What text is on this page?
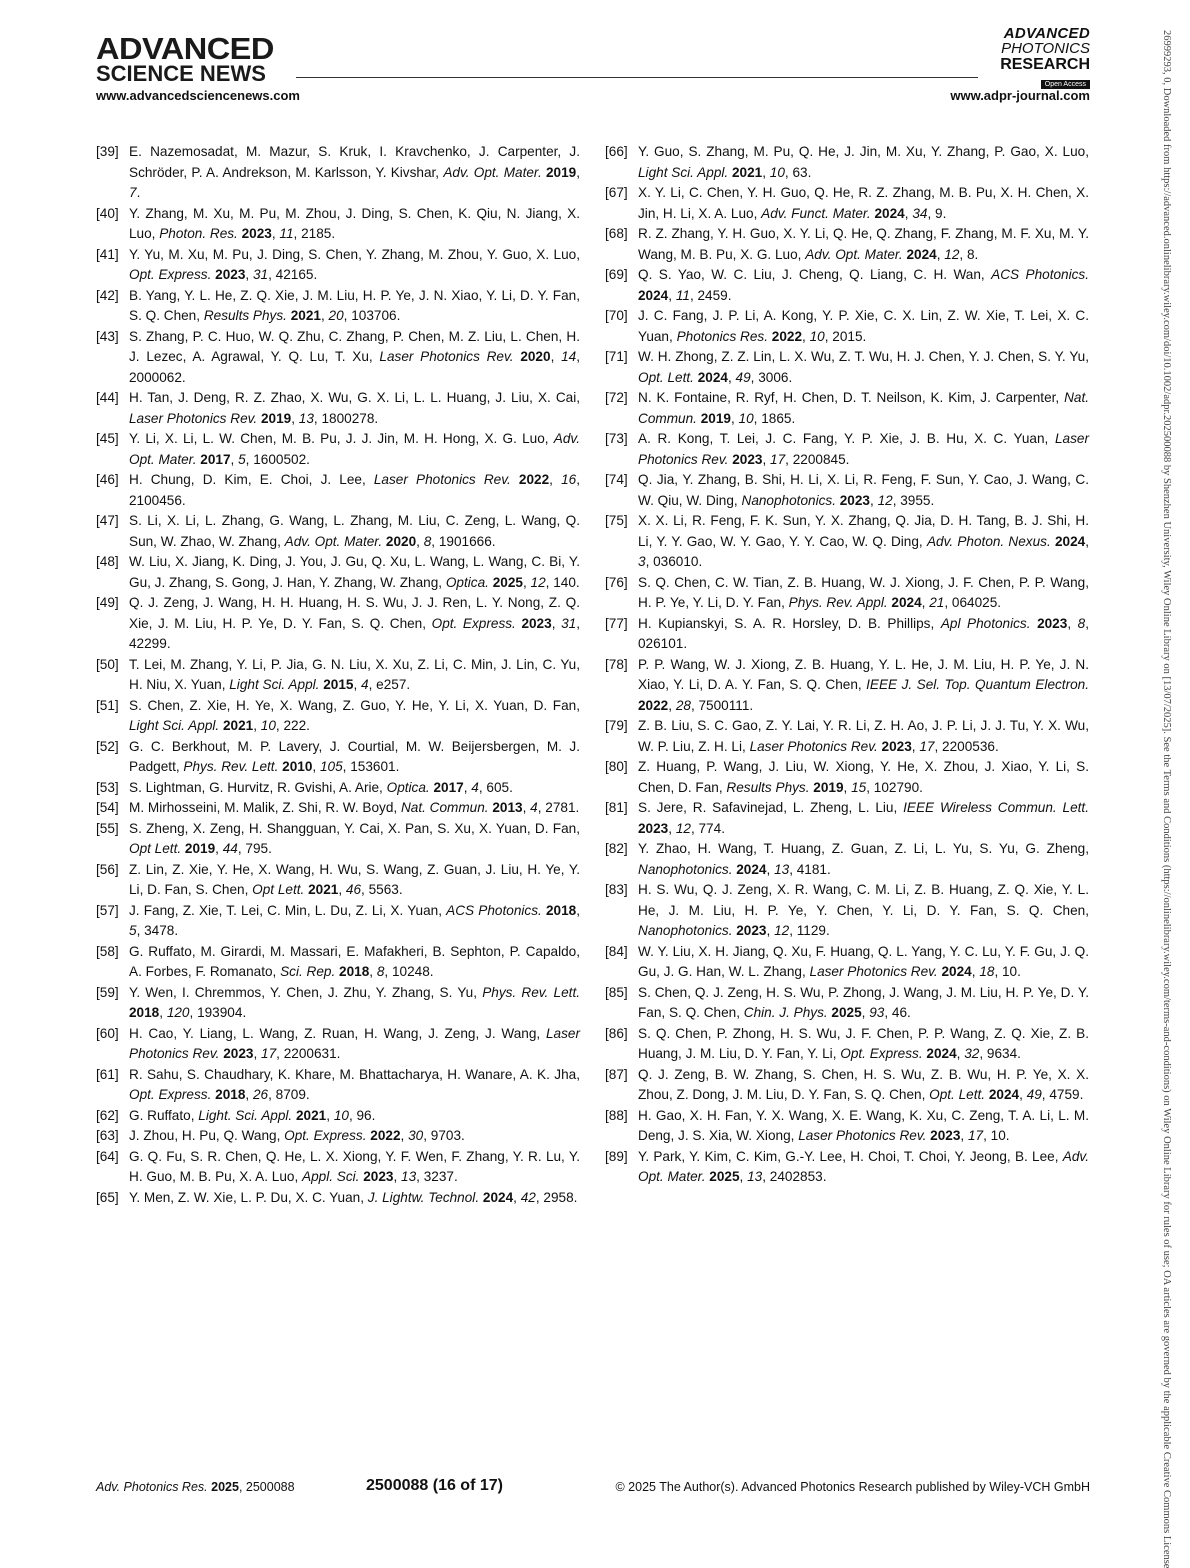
ADVANCED
SCIENCE NEWS
ADVANCED
PHOTONICS
RESEARCH
Open Access
www.advancedsciencenews.com	www.adpr-journal.com
[39] E. Nazemosadat, M. Mazur, S. Kruk, I. Kravchenko, J. Carpenter, J. Schröder, P. A. Andrekson, M. Karlsson, Y. Kivshar, Adv. Opt. Mater. 2019, 7.
[40] Y. Zhang, M. Xu, M. Pu, M. Zhou, J. Ding, S. Chen, K. Qiu, N. Jiang, X. Luo, Photon. Res. 2023, 11, 2185.
[41] Y. Yu, M. Xu, M. Pu, J. Ding, S. Chen, Y. Zhang, M. Zhou, Y. Guo, X. Luo, Opt. Express. 2023, 31, 42165.
[42] B. Yang, Y. L. He, Z. Q. Xie, J. M. Liu, H. P. Ye, J. N. Xiao, Y. Li, D. Y. Fan, S. Q. Chen, Results Phys. 2021, 20, 103706.
[43] S. Zhang, P. C. Huo, W. Q. Zhu, C. Zhang, P. Chen, M. Z. Liu, L. Chen, H. J. Lezec, A. Agrawal, Y. Q. Lu, T. Xu, Laser Photonics Rev. 2020, 14, 2000062.
[44] H. Tan, J. Deng, R. Z. Zhao, X. Wu, G. X. Li, L. L. Huang, J. Liu, X. Cai, Laser Photonics Rev. 2019, 13, 1800278.
[45] Y. Li, X. Li, L. W. Chen, M. B. Pu, J. J. Jin, M. H. Hong, X. G. Luo, Adv. Opt. Mater. 2017, 5, 1600502.
[46] H. Chung, D. Kim, E. Choi, J. Lee, Laser Photonics Rev. 2022, 16, 2100456.
[47] S. Li, X. Li, L. Zhang, G. Wang, L. Zhang, M. Liu, C. Zeng, L. Wang, Q. Sun, W. Zhao, W. Zhang, Adv. Opt. Mater. 2020, 8, 1901666.
[48] W. Liu, X. Jiang, K. Ding, J. You, J. Gu, Q. Xu, L. Wang, L. Wang, C. Bi, Y. Gu, J. Zhang, S. Gong, J. Han, Y. Zhang, W. Zhang, Optica. 2025, 12, 140.
[49] Q. J. Zeng, J. Wang, H. H. Huang, H. S. Wu, J. J. Ren, L. Y. Nong, Z. Q. Xie, J. M. Liu, H. P. Ye, D. Y. Fan, S. Q. Chen, Opt. Express. 2023, 31, 42299.
[50] T. Lei, M. Zhang, Y. Li, P. Jia, G. N. Liu, X. Xu, Z. Li, C. Min, J. Lin, C. Yu, H. Niu, X. Yuan, Light Sci. Appl. 2015, 4, e257.
[51] S. Chen, Z. Xie, H. Ye, X. Wang, Z. Guo, Y. He, Y. Li, X. Yuan, D. Fan, Light Sci. Appl. 2021, 10, 222.
[52] G. C. Berkhout, M. P. Lavery, J. Courtial, M. W. Beijersbergen, M. J. Padgett, Phys. Rev. Lett. 2010, 105, 153601.
[53] S. Lightman, G. Hurvitz, R. Gvishi, A. Arie, Optica. 2017, 4, 605.
[54] M. Mirhosseini, M. Malik, Z. Shi, R. W. Boyd, Nat. Commun. 2013, 4, 2781.
[55] S. Zheng, X. Zeng, H. Shangguan, Y. Cai, X. Pan, S. Xu, X. Yuan, D. Fan, Opt Lett. 2019, 44, 795.
[56] Z. Lin, Z. Xie, Y. He, X. Wang, H. Wu, S. Wang, Z. Guan, J. Liu, H. Ye, Y. Li, D. Fan, S. Chen, Opt Lett. 2021, 46, 5563.
[57] J. Fang, Z. Xie, T. Lei, C. Min, L. Du, Z. Li, X. Yuan, ACS Photonics. 2018, 5, 3478.
[58] G. Ruffato, M. Girardi, M. Massari, E. Mafakheri, B. Sephton, P. Capaldo, A. Forbes, F. Romanato, Sci. Rep. 2018, 8, 10248.
[59] Y. Wen, I. Chremmos, Y. Chen, J. Zhu, Y. Zhang, S. Yu, Phys. Rev. Lett. 2018, 120, 193904.
[60] H. Cao, Y. Liang, L. Wang, Z. Ruan, H. Wang, J. Zeng, J. Wang, Laser Photonics Rev. 2023, 17, 2200631.
[61] R. Sahu, S. Chaudhary, K. Khare, M. Bhattacharya, H. Wanare, A. K. Jha, Opt. Express. 2018, 26, 8709.
[62] G. Ruffato, Light. Sci. Appl. 2021, 10, 96.
[63] J. Zhou, H. Pu, Q. Wang, Opt. Express. 2022, 30, 9703.
[64] G. Q. Fu, S. R. Chen, Q. He, L. X. Xiong, Y. F. Wen, F. Zhang, Y. R. Lu, Y. H. Guo, M. B. Pu, X. A. Luo, Appl. Sci. 2023, 13, 3237.
[65] Y. Men, Z. W. Xie, L. P. Du, X. C. Yuan, J. Lightw. Technol. 2024, 42, 2958.
[66] Y. Guo, S. Zhang, M. Pu, Q. He, J. Jin, M. Xu, Y. Zhang, P. Gao, X. Luo, Light Sci. Appl. 2021, 10, 63.
[67] X. Y. Li, C. Chen, Y. H. Guo, Q. He, R. Z. Zhang, M. B. Pu, X. H. Chen, X. Jin, H. Li, X. A. Luo, Adv. Funct. Mater. 2024, 34, 9.
[68] R. Z. Zhang, Y. H. Guo, X. Y. Li, Q. He, Q. Zhang, F. Zhang, M. F. Xu, M. Y. Wang, M. B. Pu, X. G. Luo, Adv. Opt. Mater. 2024, 12, 8.
[69] Q. S. Yao, W. C. Liu, J. Cheng, Q. Liang, C. H. Wan, ACS Photonics. 2024, 11, 2459.
[70] J. C. Fang, J. P. Li, A. Kong, Y. P. Xie, C. X. Lin, Z. W. Xie, T. Lei, X. C. Yuan, Photonics Res. 2022, 10, 2015.
[71] W. H. Zhong, Z. Z. Lin, L. X. Wu, Z. T. Wu, H. J. Chen, Y. J. Chen, S. Y. Yu, Opt. Lett. 2024, 49, 3006.
[72] N. K. Fontaine, R. Ryf, H. Chen, D. T. Neilson, K. Kim, J. Carpenter, Nat. Commun. 2019, 10, 1865.
[73] A. R. Kong, T. Lei, J. C. Fang, Y. P. Xie, J. B. Hu, X. C. Yuan, Laser Photonics Rev. 2023, 17, 2200845.
[74] Q. Jia, Y. Zhang, B. Shi, H. Li, X. Li, R. Feng, F. Sun, Y. Cao, J. Wang, C. W. Qiu, W. Ding, Nanophotonics. 2023, 12, 3955.
[75] X. X. Li, R. Feng, F. K. Sun, Y. X. Zhang, Q. Jia, D. H. Tang, B. J. Shi, H. Li, Y. Y. Gao, W. Y. Gao, Y. Y. Cao, W. Q. Ding, Adv. Photon. Nexus. 2024, 3, 036010.
[76] S. Q. Chen, C. W. Tian, Z. B. Huang, W. J. Xiong, J. F. Chen, P. P. Wang, H. P. Ye, Y. Li, D. Y. Fan, Phys. Rev. Appl. 2024, 21, 064025.
[77] H. Kupianskyi, S. A. R. Horsley, D. B. Phillips, Apl Photonics. 2023, 8, 026101.
[78] P. P. Wang, W. J. Xiong, Z. B. Huang, Y. L. He, J. M. Liu, H. P. Ye, J. N. Xiao, Y. Li, D. A. Y. Fan, S. Q. Chen, IEEE J. Sel. Top. Quantum Electron. 2022, 28, 7500111.
[79] Z. B. Liu, S. C. Gao, Z. Y. Lai, Y. R. Li, Z. H. Ao, J. P. Li, J. J. Tu, Y. X. Wu, W. P. Liu, Z. H. Li, Laser Photonics Rev. 2023, 17, 2200536.
[80] Z. Huang, P. Wang, J. Liu, W. Xiong, Y. He, X. Zhou, J. Xiao, Y. Li, S. Chen, D. Fan, Results Phys. 2019, 15, 102790.
[81] S. Jere, R. Safavinejad, L. Zheng, L. Liu, IEEE Wireless Commun. Lett. 2023, 12, 774.
[82] Y. Zhao, H. Wang, T. Huang, Z. Guan, Z. Li, L. Yu, S. Yu, G. Zheng, Nanophotonics. 2024, 13, 4181.
[83] H. S. Wu, Q. J. Zeng, X. R. Wang, C. M. Li, Z. B. Huang, Z. Q. Xie, Y. L. He, J. M. Liu, H. P. Ye, Y. Chen, Y. Li, D. Y. Fan, S. Q. Chen, Nanophotonics. 2023, 12, 1129.
[84] W. Y. Liu, X. H. Jiang, Q. Xu, F. Huang, Q. L. Yang, Y. C. Lu, Y. F. Gu, J. Q. Gu, J. G. Han, W. L. Zhang, Laser Photonics Rev. 2024, 18, 10.
[85] S. Chen, Q. J. Zeng, H. S. Wu, P. Zhong, J. Wang, J. M. Liu, H. P. Ye, D. Y. Fan, S. Q. Chen, Chin. J. Phys. 2025, 93, 46.
[86] S. Q. Chen, P. Zhong, H. S. Wu, J. F. Chen, P. P. Wang, Z. Q. Xie, Z. B. Huang, J. M. Liu, D. Y. Fan, Y. Li, Opt. Express. 2024, 32, 9634.
[87] Q. J. Zeng, B. W. Zhang, S. Chen, H. S. Wu, Z. B. Wu, H. P. Ye, X. X. Zhou, Z. Dong, J. M. Liu, D. Y. Fan, S. Q. Chen, Opt. Lett. 2024, 49, 4759.
[88] H. Gao, X. H. Fan, Y. X. Wang, X. E. Wang, K. Xu, C. Zeng, T. A. Li, L. M. Deng, J. S. Xia, W. Xiong, Laser Photonics Rev. 2023, 17, 10.
[89] Y. Park, Y. Kim, C. Kim, G.-Y. Lee, H. Choi, T. Choi, Y. Jeong, B. Lee, Adv. Opt. Mater. 2025, 13, 2402853.
Adv. Photonics Res. 2025, 2500088	2500088 (16 of 17)	© 2025 The Author(s). Advanced Photonics Research published by Wiley-VCH GmbH	26999293, 0, Downloaded from https://advanced.onlinelibrary.wiley.com/doi/10.1002/adpr.202500088 by Shenzhen University, Wiley Online Library on [13/07/2025]. See the Terms and Conditions (https://onlinelibrary.wiley.com/terms-and-conditions) on Wiley Online Library for rules of use; OA articles are governed by the applicable Creative Commons License
